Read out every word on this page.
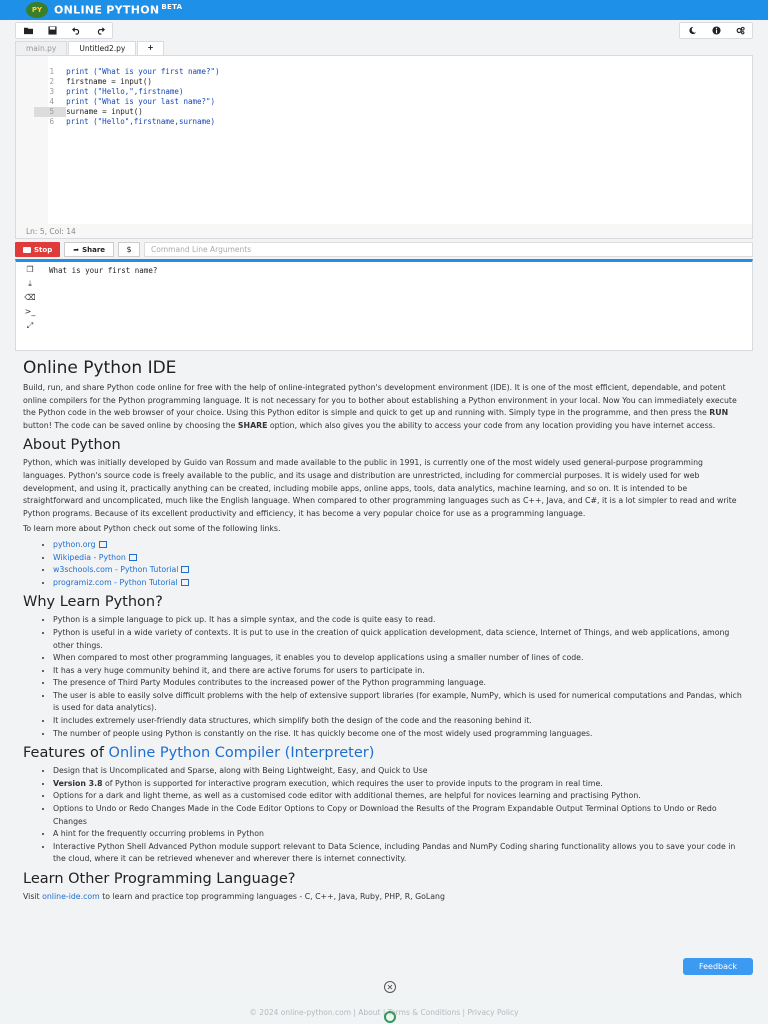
PY ONLINE PYTHON $^{BETA}$
main.py	Untitled2.py	+

1 print ("What is your first name?")

2 firstname = input()

3 print ("Hello,",firstname)

4 print ("What is your last name?")

5 surname = input()

6 print ("Hello",firstname,surname)

Ln: 5, Col: 14
Stop	➦ Share	$
Command Line Arguments
❐
⤓
⌫
>_
⤢
What is your first name?
Online Python IDE

Build, run, and share Python code online for free with the help of online-integrated python's development environment (IDE). It is one of the most efficient, dependable, and potent online compilers for the Python programming language. It is not necessary for you to bother about establishing a Python environment in your local. Now You can immediately execute the Python code in the web browser of your choice. Using this Python editor is simple and quick to get up and running with. Simply type in the programme, and then press the RUN button! The code can be saved online by choosing the SHARE option, which also gives you the ability to access your code from any location providing you have internet access.

About Python

Python, which was initially developed by Guido van Rossum and made available to the public in 1991, is currently one of the most widely used general-purpose programming languages. Python's source code is freely available to the public, and its usage and distribution are unrestricted, including for commercial purposes. It is widely used for web development, and using it, practically anything can be created, including mobile apps, online apps, tools, data analytics, machine learning, and so on. It is intended to be straightforward and uncomplicated, much like the English language. When compared to other programming languages such as C++, Java, and C#, it is a lot simpler to read and write Python programs. Because of its excellent productivity and efficiency, it has become a very popular choice for use as a programming language.

To learn more about Python check out some of the following links.

• python.org
• Wikipedia - Python
• w3schools.com - Python Tutorial
• programiz.com - Python Tutorial
Why Learn Python?
• Python is a simple language to pick up. It has a simple syntax, and the code is quite easy to read.
• Python is useful in a wide variety of contexts. It is put to use in the creation of quick application development, data science, Internet of Things, and web applications, among other things.
• When compared to most other programming languages, it enables you to develop applications using a smaller number of lines of code.
• It has a very huge community behind it, and there are active forums for users to participate in.
• The presence of Third Party Modules contributes to the increased power of the Python programming language.
• The user is able to easily solve difficult problems with the help of extensive support libraries (for example, NumPy, which is used for numerical computations and Pandas, which is used for data analytics).
• It includes extremely user-friendly data structures, which simplify both the design of the code and the reasoning behind it.
• The number of people using Python is constantly on the rise. It has quickly become one of the most widely used programming languages.
Features of Online Python Compiler (Interpreter)
• Design that is Uncomplicated and Sparse, along with Being Lightweight, Easy, and Quick to Use
• Version 3.8 of Python is supported for interactive program execution, which requires the user to provide inputs to the program in real time.
• Options for a dark and light theme, as well as a customised code editor with additional themes, are helpful for novices learning and practising Python.
• Options to Undo or Redo Changes Made in the Code Editor Options to Copy or Download the Results of the Program Expandable Output Terminal Options to Undo or Redo Changes
• A hint for the frequently occurring problems in Python
• Interactive Python Shell Advanced Python module support relevant to Data Science, including Pandas and NumPy Coding sharing functionality allows you to save your code in the cloud, where it can be retrieved whenever and wherever there is internet connectivity.
Learn Other Programming Language?

Visit online-ide.com to learn and practice top programming languages - C, C++, Java, Ruby, PHP, R, GoLang

Feedback
✕
© 2024 online-python.com | About | Terms & Conditions | Privacy Policy
